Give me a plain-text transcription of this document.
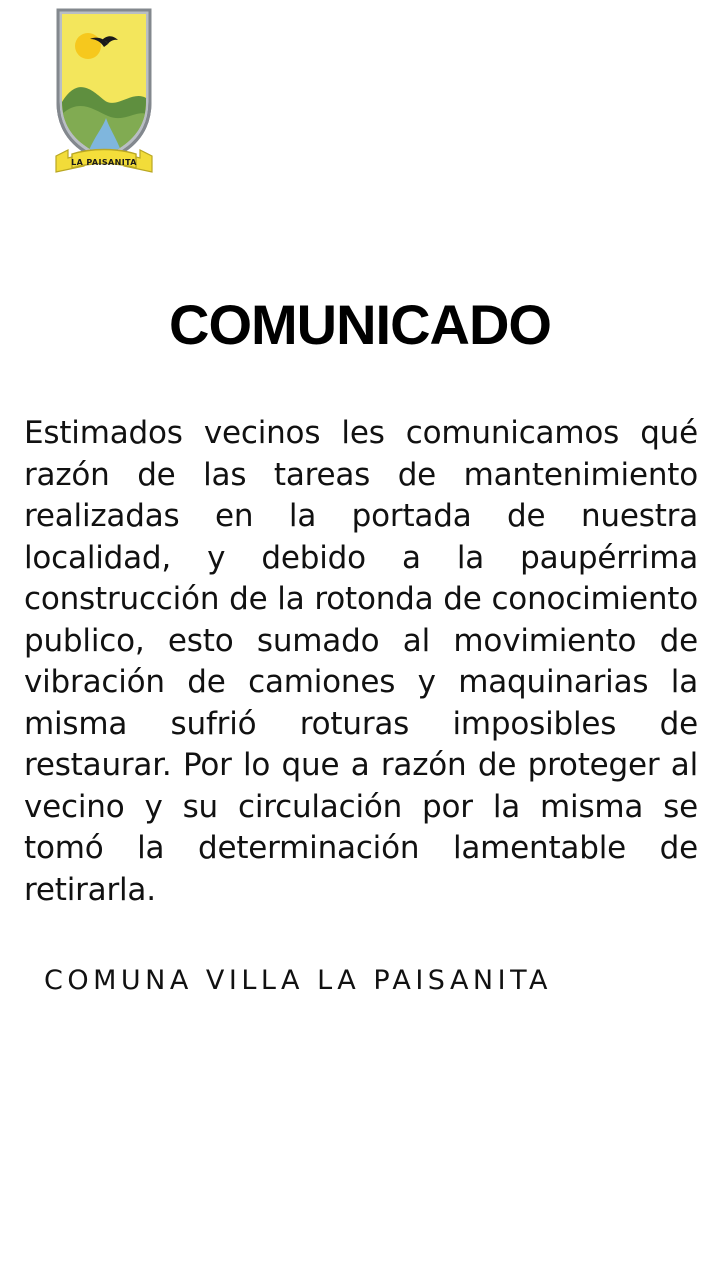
LA PAISANITA
COMUNICADO

Estimados vecinos les comunicamos qué razón de las tareas de mantenimiento realizadas en la portada de nuestra localidad, y debido a la paupérrima construcción de la rotonda de conocimiento publico, esto sumado al movimiento de vibración de camiones y maquinarias la misma sufrió roturas imposibles de restaurar. Por lo que a razón de proteger al vecino y su circulación por la misma se tomó la determinación lamentable de retirarla.

COMUNA VILLA LA PAISANITA
